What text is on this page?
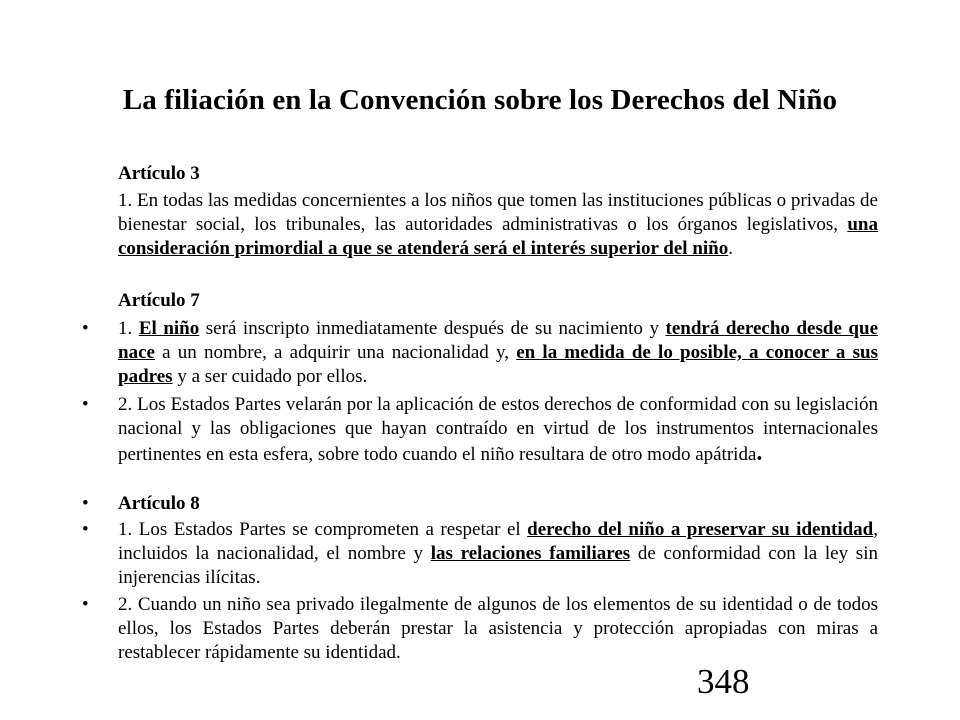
La filiación en la Convención sobre los Derechos del Niño
Artículo 3
1. En todas las medidas concernientes a los niños que tomen las instituciones públicas o privadas de bienestar social, los tribunales, las autoridades administrativas o los órganos legislativos, una consideración primordial a que se atenderá será el interés superior del niño.
Artículo 7
• 1. El niño será inscripto inmediatamente después de su nacimiento y tendrá derecho desde que nace a un nombre, a adquirir una nacionalidad y, en la medida de lo posible, a conocer a sus padres y a ser cuidado por ellos.
• 2. Los Estados Partes velarán por la aplicación de estos derechos de conformidad con su legislación nacional y las obligaciones que hayan contraído en virtud de los instrumentos internacionales pertinentes en esta esfera, sobre todo cuando el niño resultara de otro modo apátrida.
• Artículo 8
• 1. Los Estados Partes se comprometen a respetar el derecho del niño a preservar su identidad, incluidos la nacionalidad, el nombre y las relaciones familiares de conformidad con la ley sin injerencias ilícitas.
• 2. Cuando un niño sea privado ilegalmente de algunos de los elementos de su identidad o de todos ellos, los Estados Partes deberán prestar la asistencia y protección apropiadas con miras a restablecer rápidamente su identidad.
348
